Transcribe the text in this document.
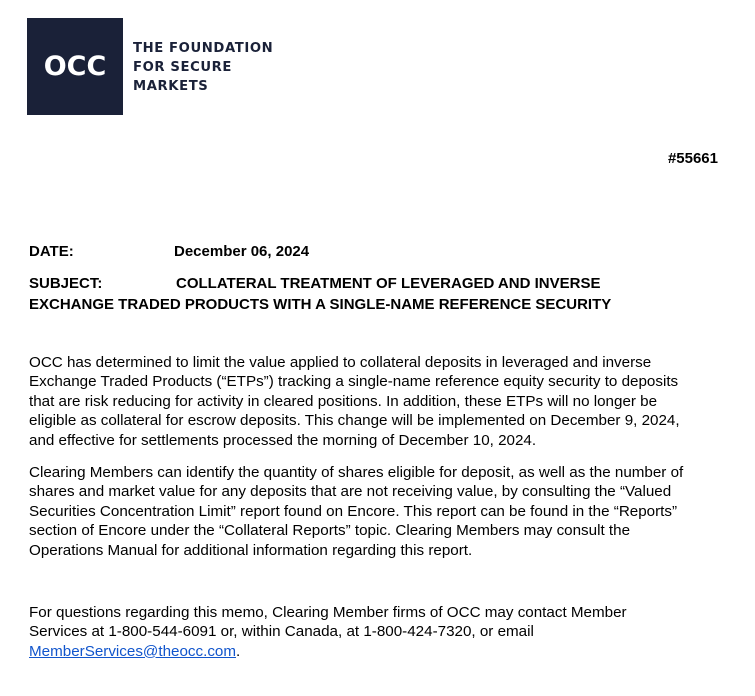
OCC
THE FOUNDATION
FOR SECURE
MARKETS
#55661
DATE:	December 06, 2024
SUBJECT:	COLLATERAL TREATMENT OF LEVERAGED AND INVERSE
EXCHANGE TRADED PRODUCTS WITH A SINGLE-NAME REFERENCE SECURITY
OCC has determined to limit the value applied to collateral deposits in leveraged and inverse
Exchange Traded Products (“ETPs”) tracking a single-name reference equity security to deposits
that are risk reducing for activity in cleared positions. In addition, these ETPs will no longer be
eligible as collateral for escrow deposits. This change will be implemented on December 9, 2024,
and effective for settlements processed the morning of December 10, 2024.
Clearing Members can identify the quantity of shares eligible for deposit, as well as the number of
shares and market value for any deposits that are not receiving value, by consulting the “Valued
Securities Concentration Limit” report found on Encore. This report can be found in the “Reports”
section of Encore under the “Collateral Reports” topic. Clearing Members may consult the
Operations Manual for additional information regarding this report.
For questions regarding this memo, Clearing Member firms of OCC may contact Member
Services at 1-800-544-6091 or, within Canada, at 1-800-424-7320, or email
MemberServices@theocc.com.
